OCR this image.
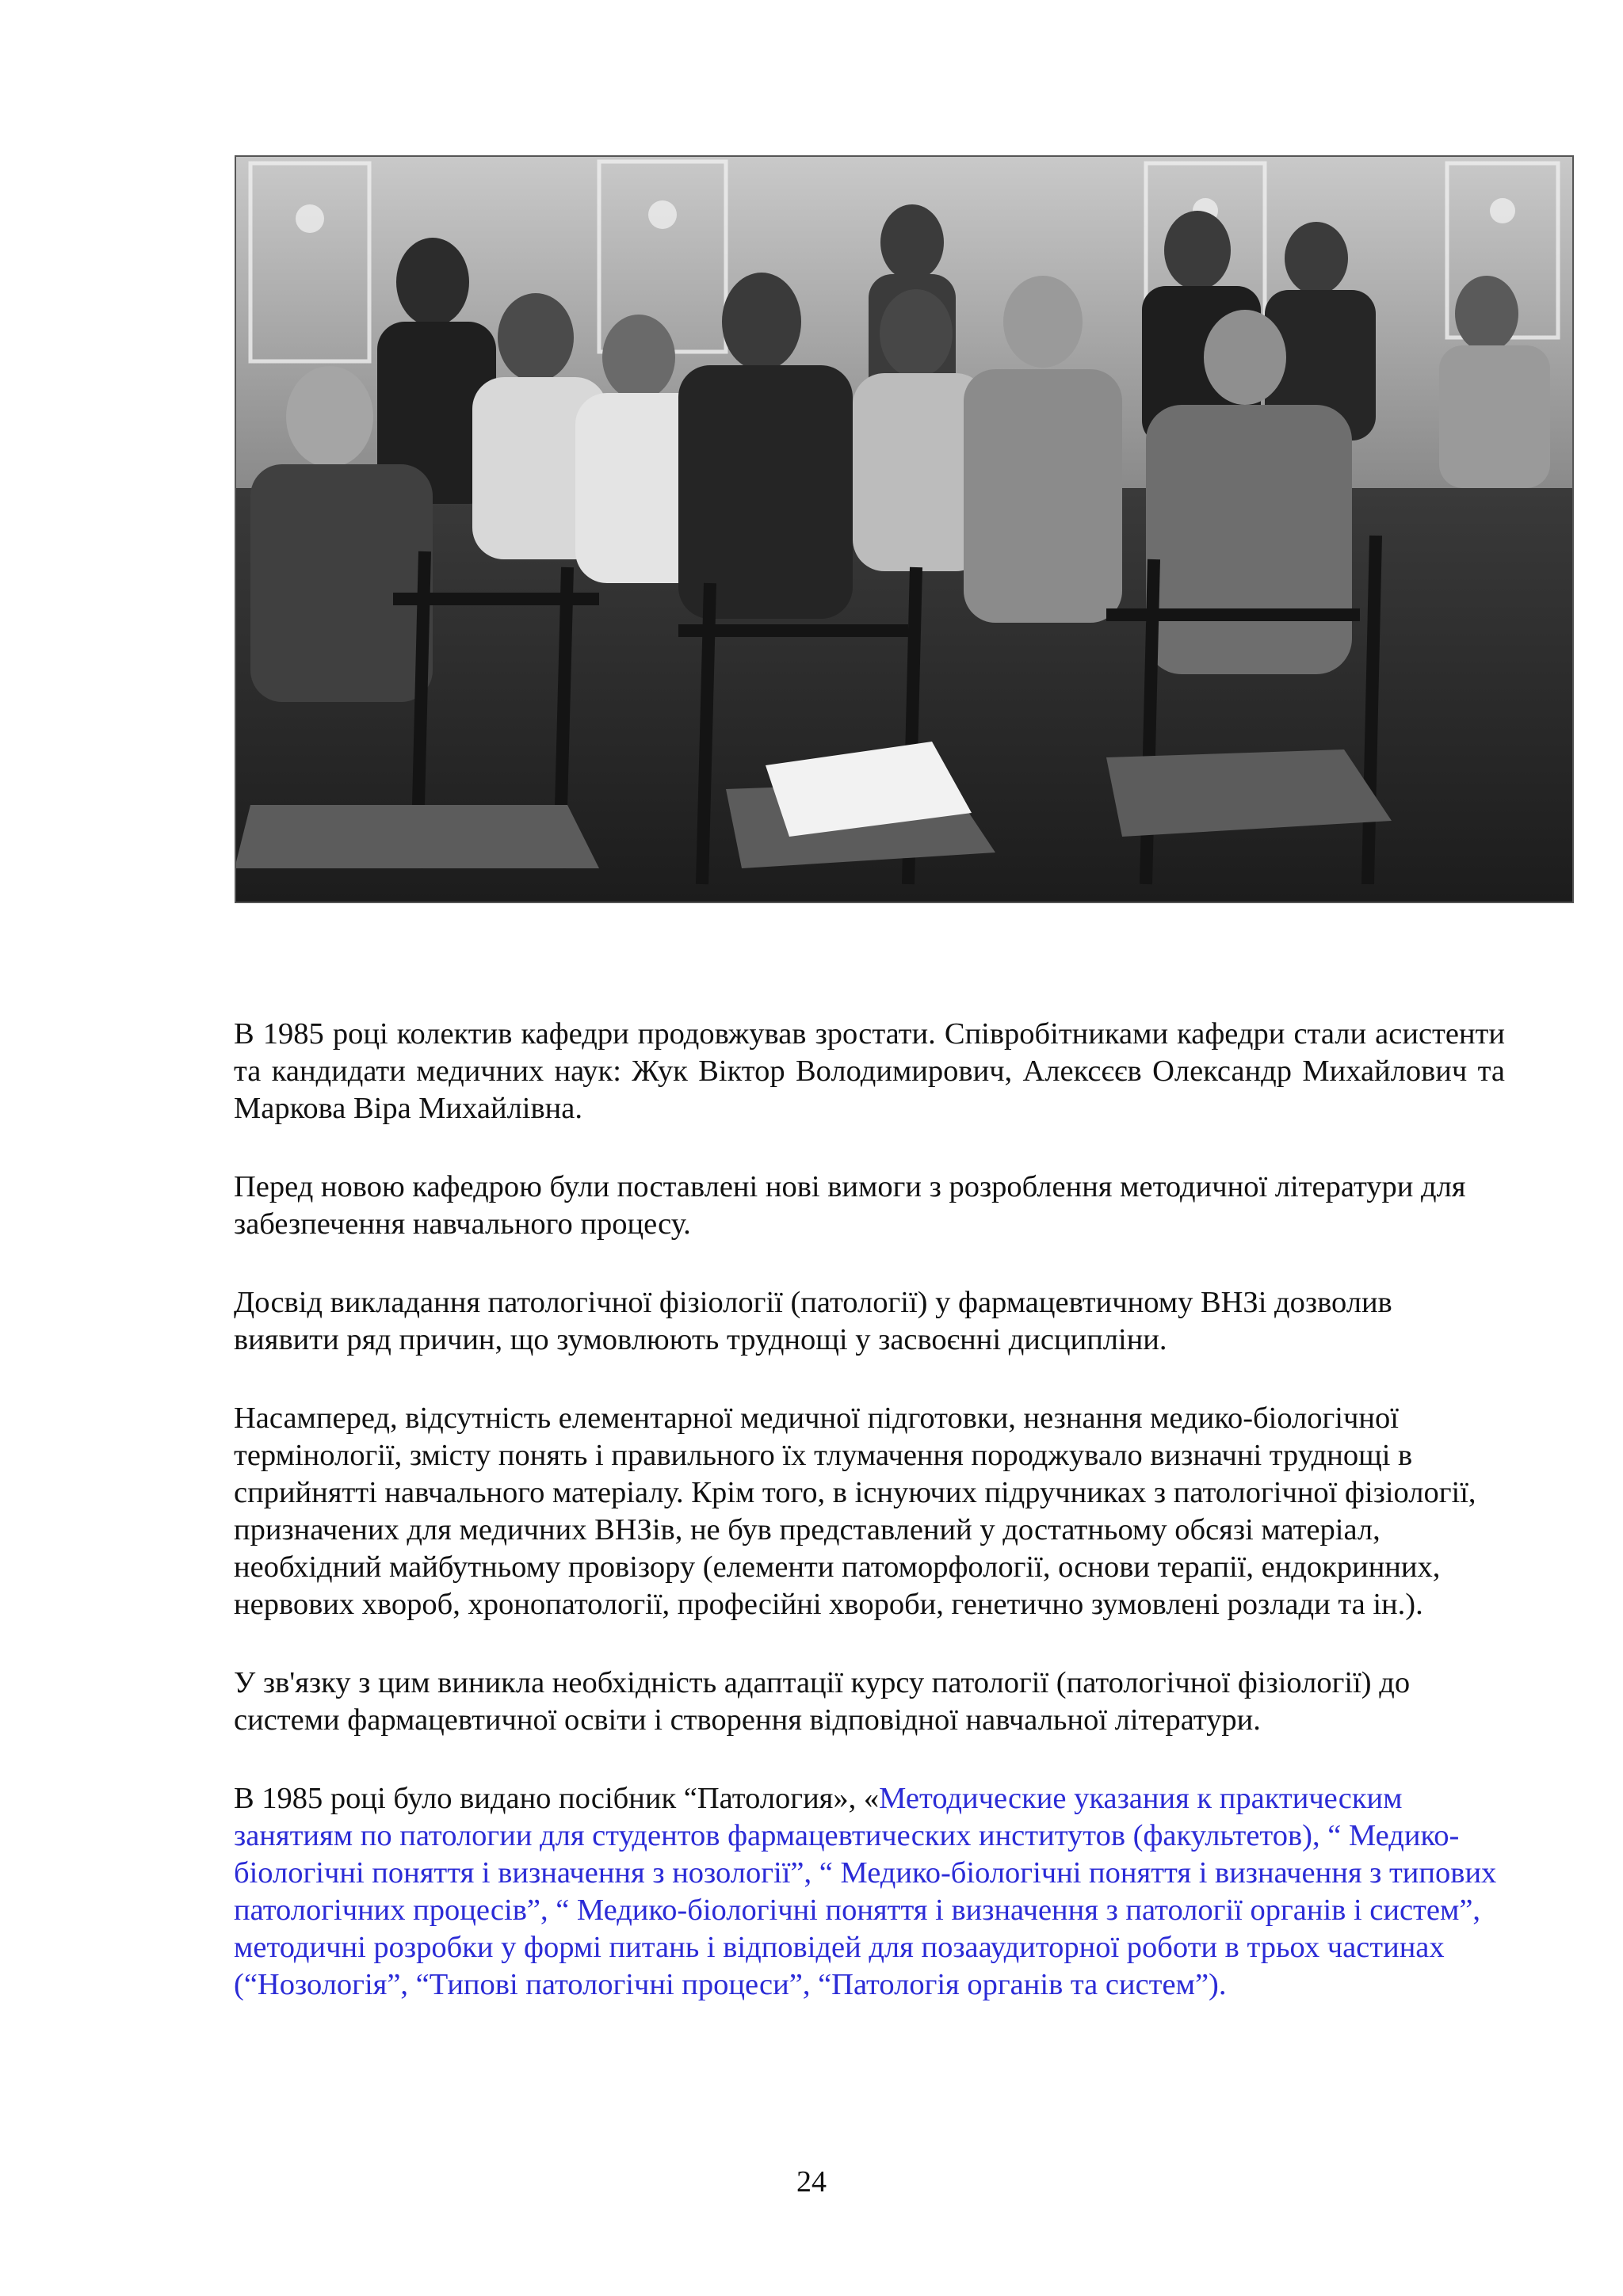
В 1985 році колектив кафедри продовжував зростати. Співробітниками кафедри стали асистенти та кандидати медичних наук: Жук Віктор Володимирович, Алексєєв Олександр Михайлович та Маркова Віра Михайлівна.

Перед новою кафедрою були поставлені нові вимоги з розроблення методичної літератури для забезпечення навчального процесу.

Досвід викладання патологічної фізіології (патології) у фармацевтичному ВНЗі дозволив виявити ряд причин, що зумовлюють труднощі у засвоєнні дисципліни.

Насамперед, відсутність елементарної медичної підготовки, незнання медико-біологічної термінології, змісту понять і правильного їх тлумачення породжувало визначні труднощі в сприйнятті навчального матеріалу. Крім того, в існуючих підручниках з патологічної фізіології, призначених для медичних ВНЗів, не був представлений у достатньому обсязі матеріал, необхідний майбутньому провізору (елементи патоморфології, основи терапії, ендокринних, нервових хвороб, хронопатології, професійні хвороби, генетично зумовлені розлади та ін.).

У зв'язку з цим виникла необхідність адаптації курсу патології (патологічної фізіології) до системи фармацевтичної освіти і створення відповідної навчальної літератури.

В 1985 році було видано посібник “Патология», «Методические указания к практическим занятиям по патологии для студентов фармацевтических институтов (факультетов), “ Медико-біологічні поняття і визначення з нозології”, “ Медико-біологічні поняття і визначення з типових патологічних процесів”, “ Медико-біологічні поняття і визначення з патології органів і систем”, методичні розробки у формі питань і відповідей для позааудиторної роботи в трьох частинах (“Нозологія”, “Типові патологічні процеси”, “Патологія органів та систем”).

24
